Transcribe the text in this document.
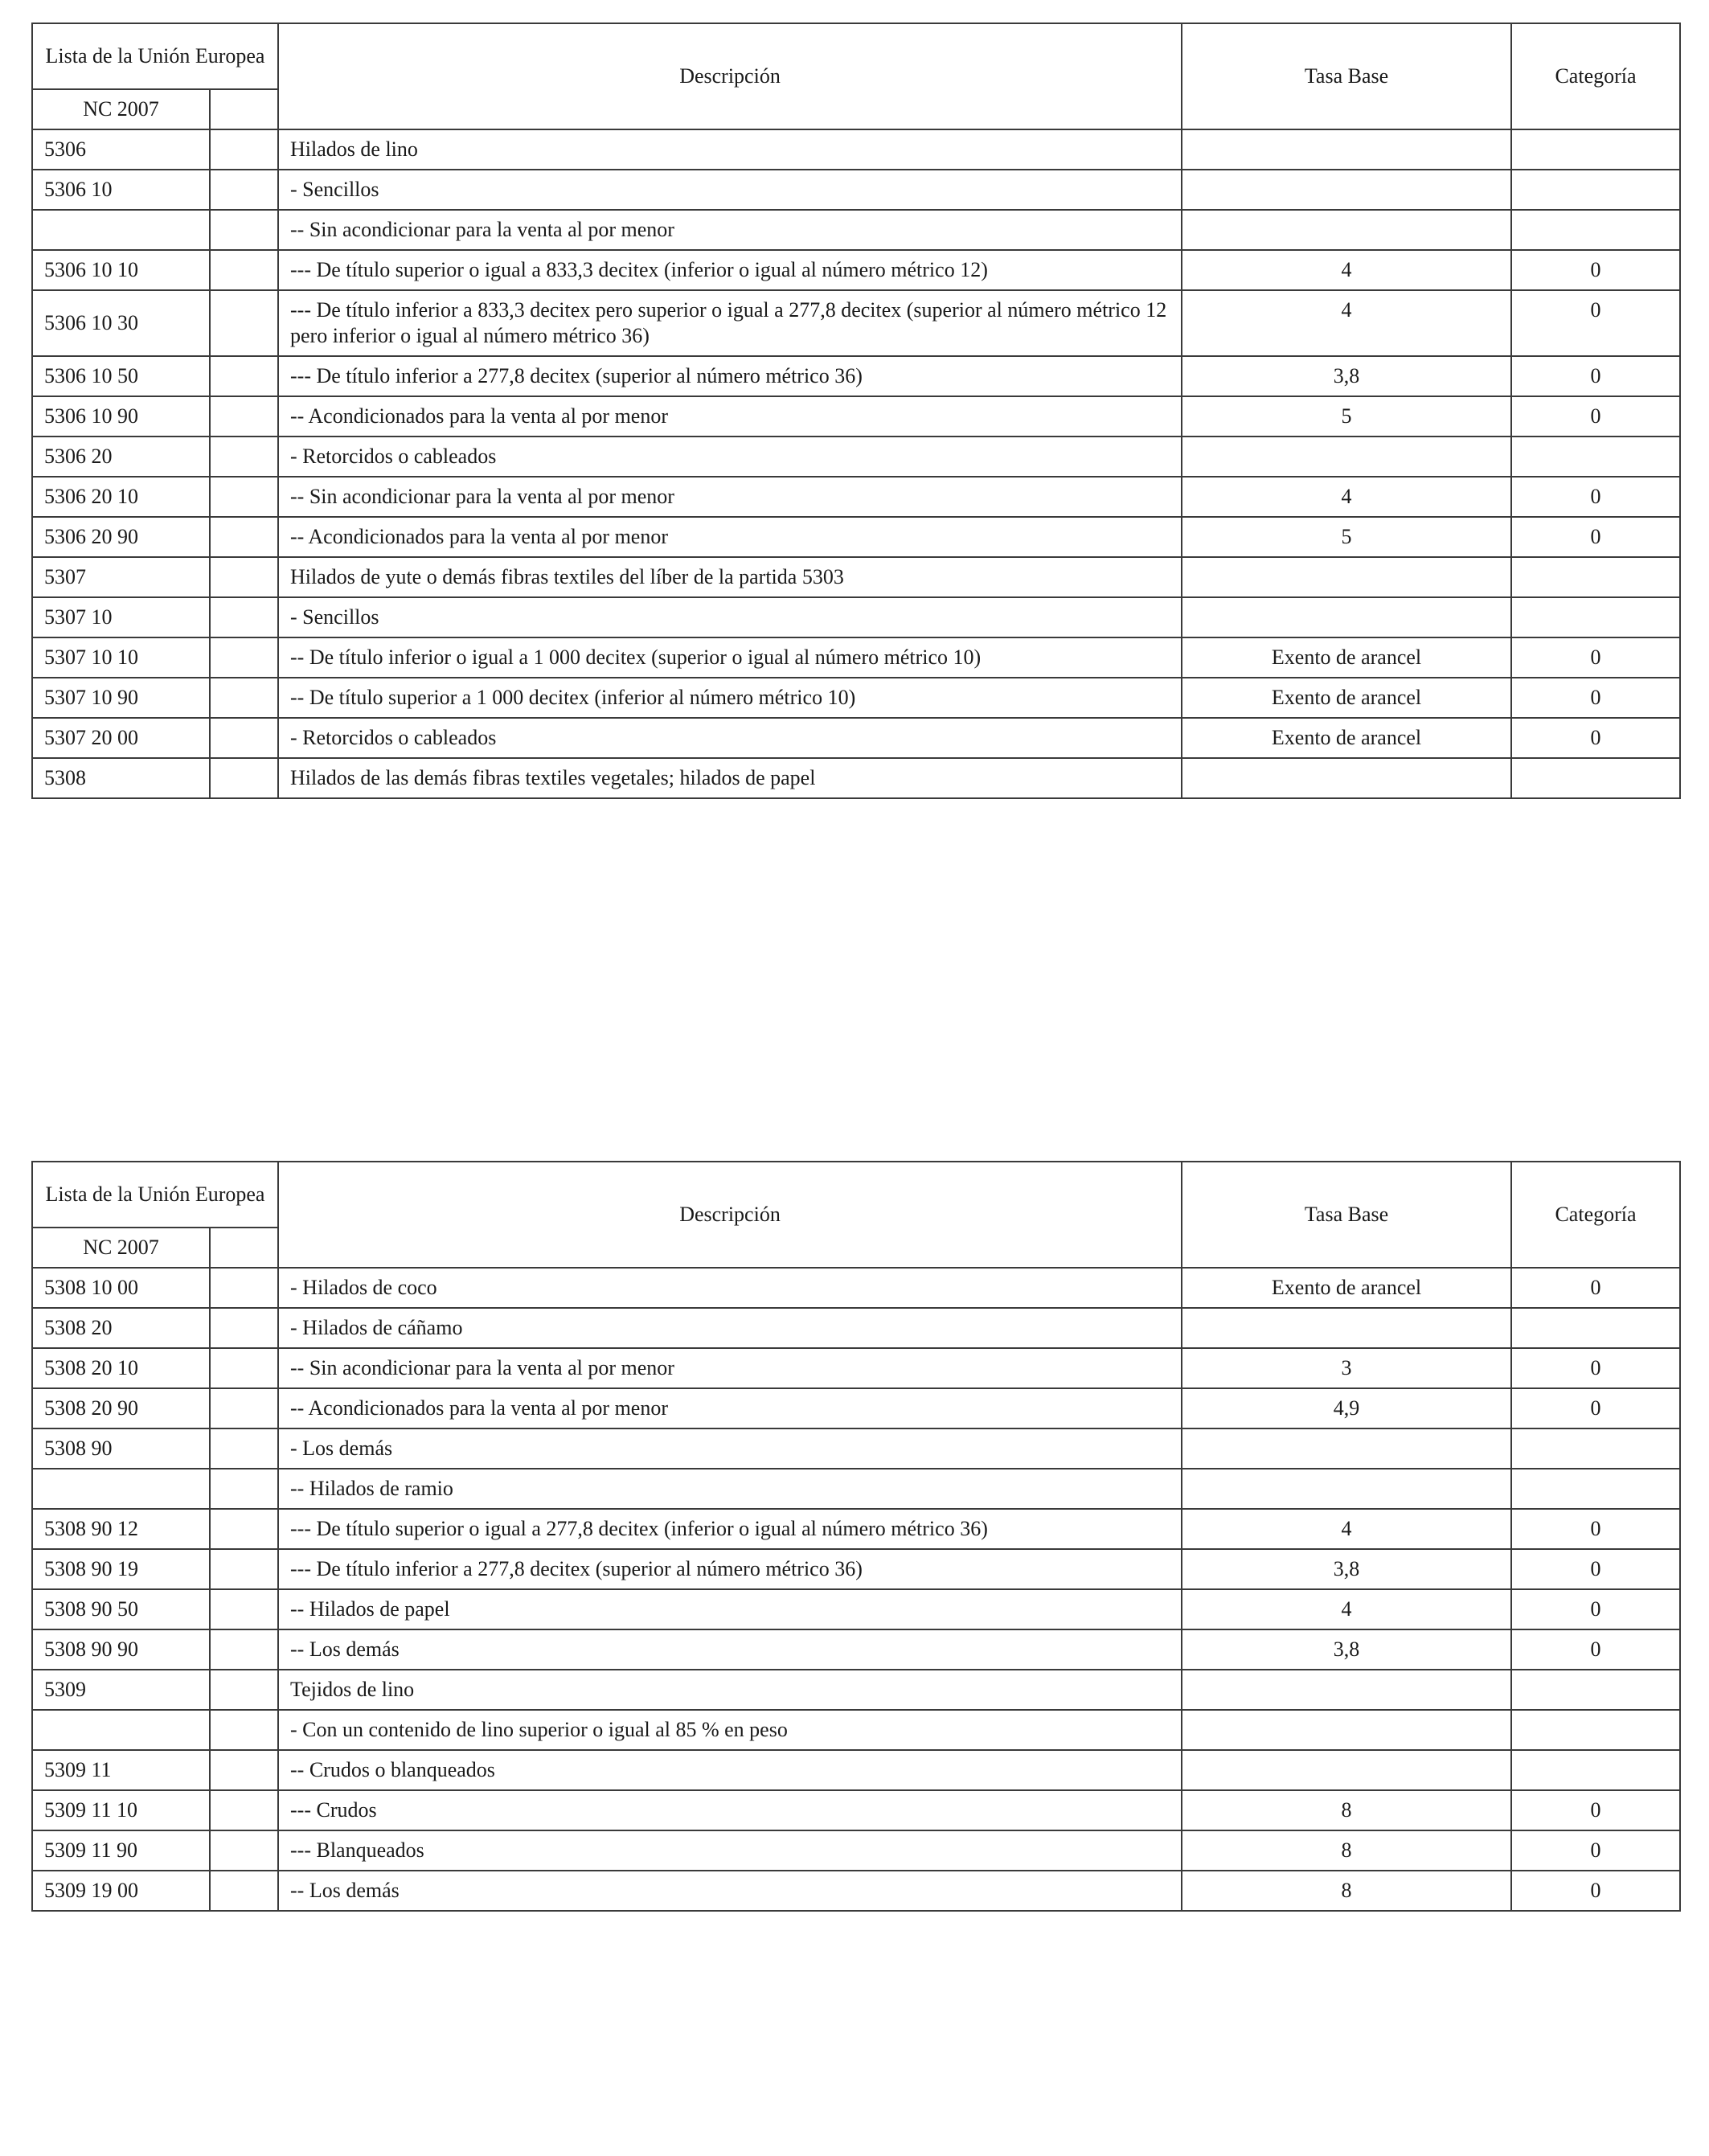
Lista de la Unión Europea		Descripción	Tasa Base	Categoría
NC 2007				
5306		Hilados de lino		
5306 10		- Sencillos		
		-- Sin acondicionar para la venta al por menor		
5306 10 10		--- De título superior o igual a 833,3 decitex (inferior o igual al número métrico 12)	4	0
5306 10 30		--- De título inferior a 833,3 decitex pero superior o igual a 277,8 decitex (superior al número métrico 12 pero inferior o igual al número métrico 36)	4	0
5306 10 50		--- De título inferior a 277,8 decitex (superior al número métrico 36)	3,8	0
5306 10 90		-- Acondicionados para la venta al por menor	5	0
5306 20		- Retorcidos o cableados		
5306 20 10		-- Sin acondicionar para la venta al por menor	4	0
5306 20 90		-- Acondicionados para la venta al por menor	5	0
5307		Hilados de yute o demás fibras textiles del líber de la partida 5303		
5307 10		- Sencillos		
5307 10 10		-- De título inferior o igual a 1 000 decitex (superior o igual al número métrico 10)	Exento de arancel	0
5307 10 90		-- De título superior a 1 000 decitex (inferior al número métrico 10)	Exento de arancel	0
5307 20 00		- Retorcidos o cableados	Exento de arancel	0
5308		Hilados de las demás fibras textiles vegetales; hilados de papel		
Lista de la Unión Europea		Descripción	Tasa Base	Categoría
NC 2007				
5308 10 00		- Hilados de coco	Exento de arancel	0
5308 20		- Hilados de cáñamo		
5308 20 10		-- Sin acondicionar para la venta al por menor	3	0
5308 20 90		-- Acondicionados para la venta al por menor	4,9	0
5308 90		- Los demás		
		-- Hilados de ramio		
5308 90 12		--- De título superior o igual a 277,8 decitex (inferior o igual al número métrico 36)	4	0
5308 90 19		--- De título inferior a 277,8 decitex (superior al número métrico 36)	3,8	0
5308 90 50		-- Hilados de papel	4	0
5308 90 90		-- Los demás	3,8	0
5309		Tejidos de lino		
		- Con un contenido de lino superior o igual al 85 % en peso		
5309 11		-- Crudos o blanqueados		
5309 11 10		--- Crudos	8	0
5309 11 90		--- Blanqueados	8	0
5309 19 00		-- Los demás	8	0
